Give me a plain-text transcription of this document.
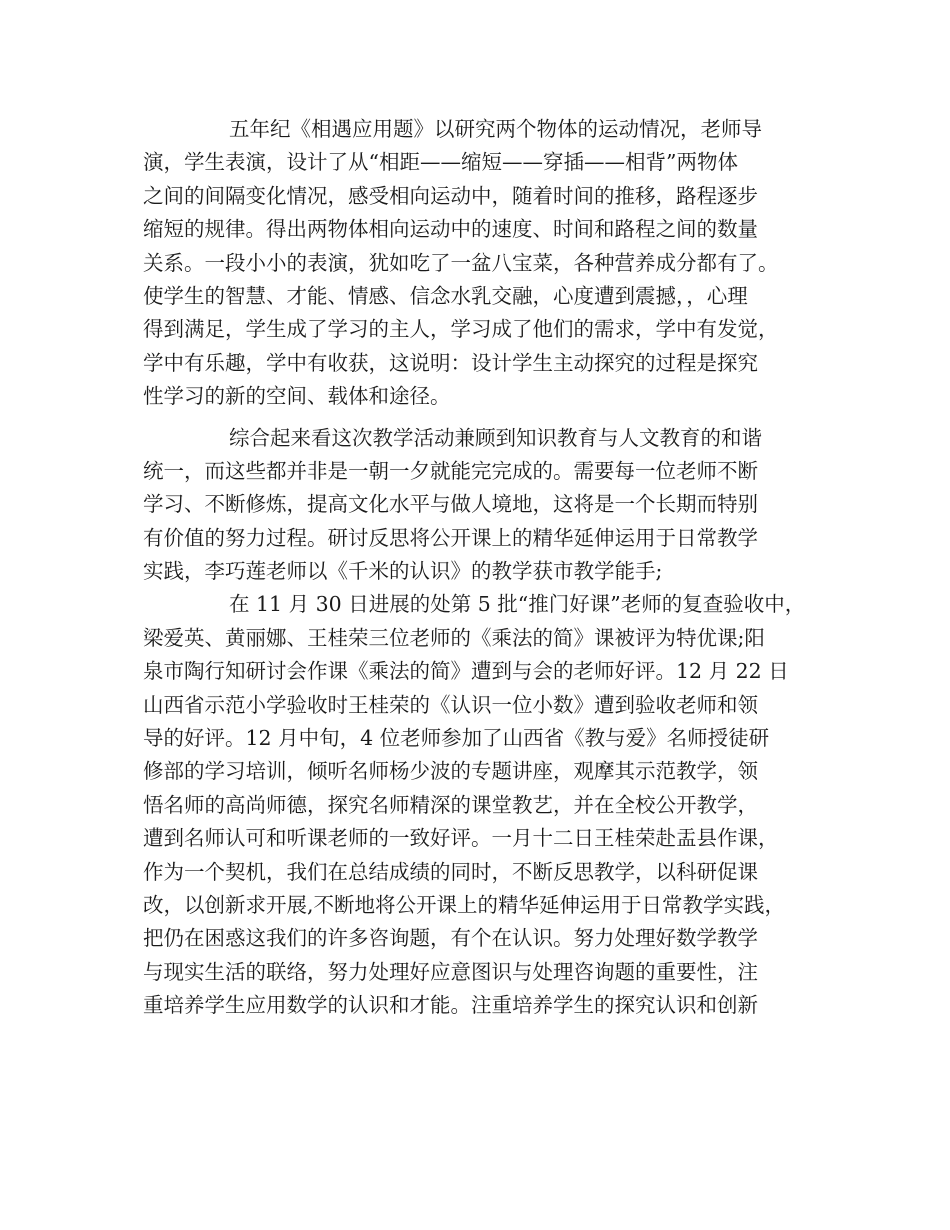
五年纪《相遇应用题》以研究两个物体的运动情况，老师导
演，学生表演，设计了从“相距——缩短——穿插——相背”两物体
之间的间隔变化情况，感受相向运动中，随着时间的推移，路程逐步
缩短的规律。得出两物体相向运动中的速度、时间和路程之间的数量
关系。一段小小的表演，犹如吃了一盆八宝菜，各种营养成分都有了。
使学生的智慧、才能、情感、信念水乳交融，心度遭到震撼，，心理
得到满足，学生成了学习的主人，学习成了他们的需求，学中有发觉，
学中有乐趣，学中有收获，这说明：设计学生主动探究的过程是探究
性学习的新的空间、载体和途径。
综合起来看这次教学活动兼顾到知识教育与人文教育的和谐
统一，而这些都并非是一朝一夕就能完完成的。需要每一位老师不断
学习、不断修炼，提高文化水平与做人境地，这将是一个长期而特别
有价值的努力过程。研讨反思将公开课上的精华延伸运用于日常教学
实践，李巧莲老师以《千米的认识》的教学获市教学能手;
在 11 月 30 日进展的处第 5 批“推门好课”老师的复查验收中，
梁爱英、黄丽娜、王桂荣三位老师的《乘法的简》课被评为特优课;阳
泉市陶行知研讨会作课《乘法的简》遭到与会的老师好评。12 月 22 日
山西省示范小学验收时王桂荣的《认识一位小数》遭到验收老师和领
导的好评。12 月中旬，4 位老师参加了山西省《教与爱》名师授徒研
修部的学习培训，倾听名师杨少波的专题讲座，观摩其示范教学，领
悟名师的高尚师德，探究名师精深的课堂教艺，并在全校公开教学，
遭到名师认可和听课老师的一致好评。一月十二日王桂荣赴盂县作课，
作为一个契机，我们在总结成绩的同时，不断反思教学，以科研促课
改，以创新求开展,不断地将公开课上的精华延伸运用于日常教学实践，
把仍在困惑这我们的许多咨询题，有个在认识。努力处理好数学教学
与现实生活的联络，努力处理好应意图识与处理咨询题的重要性，注
重培养学生应用数学的认识和才能。注重培养学生的探究认识和创新
